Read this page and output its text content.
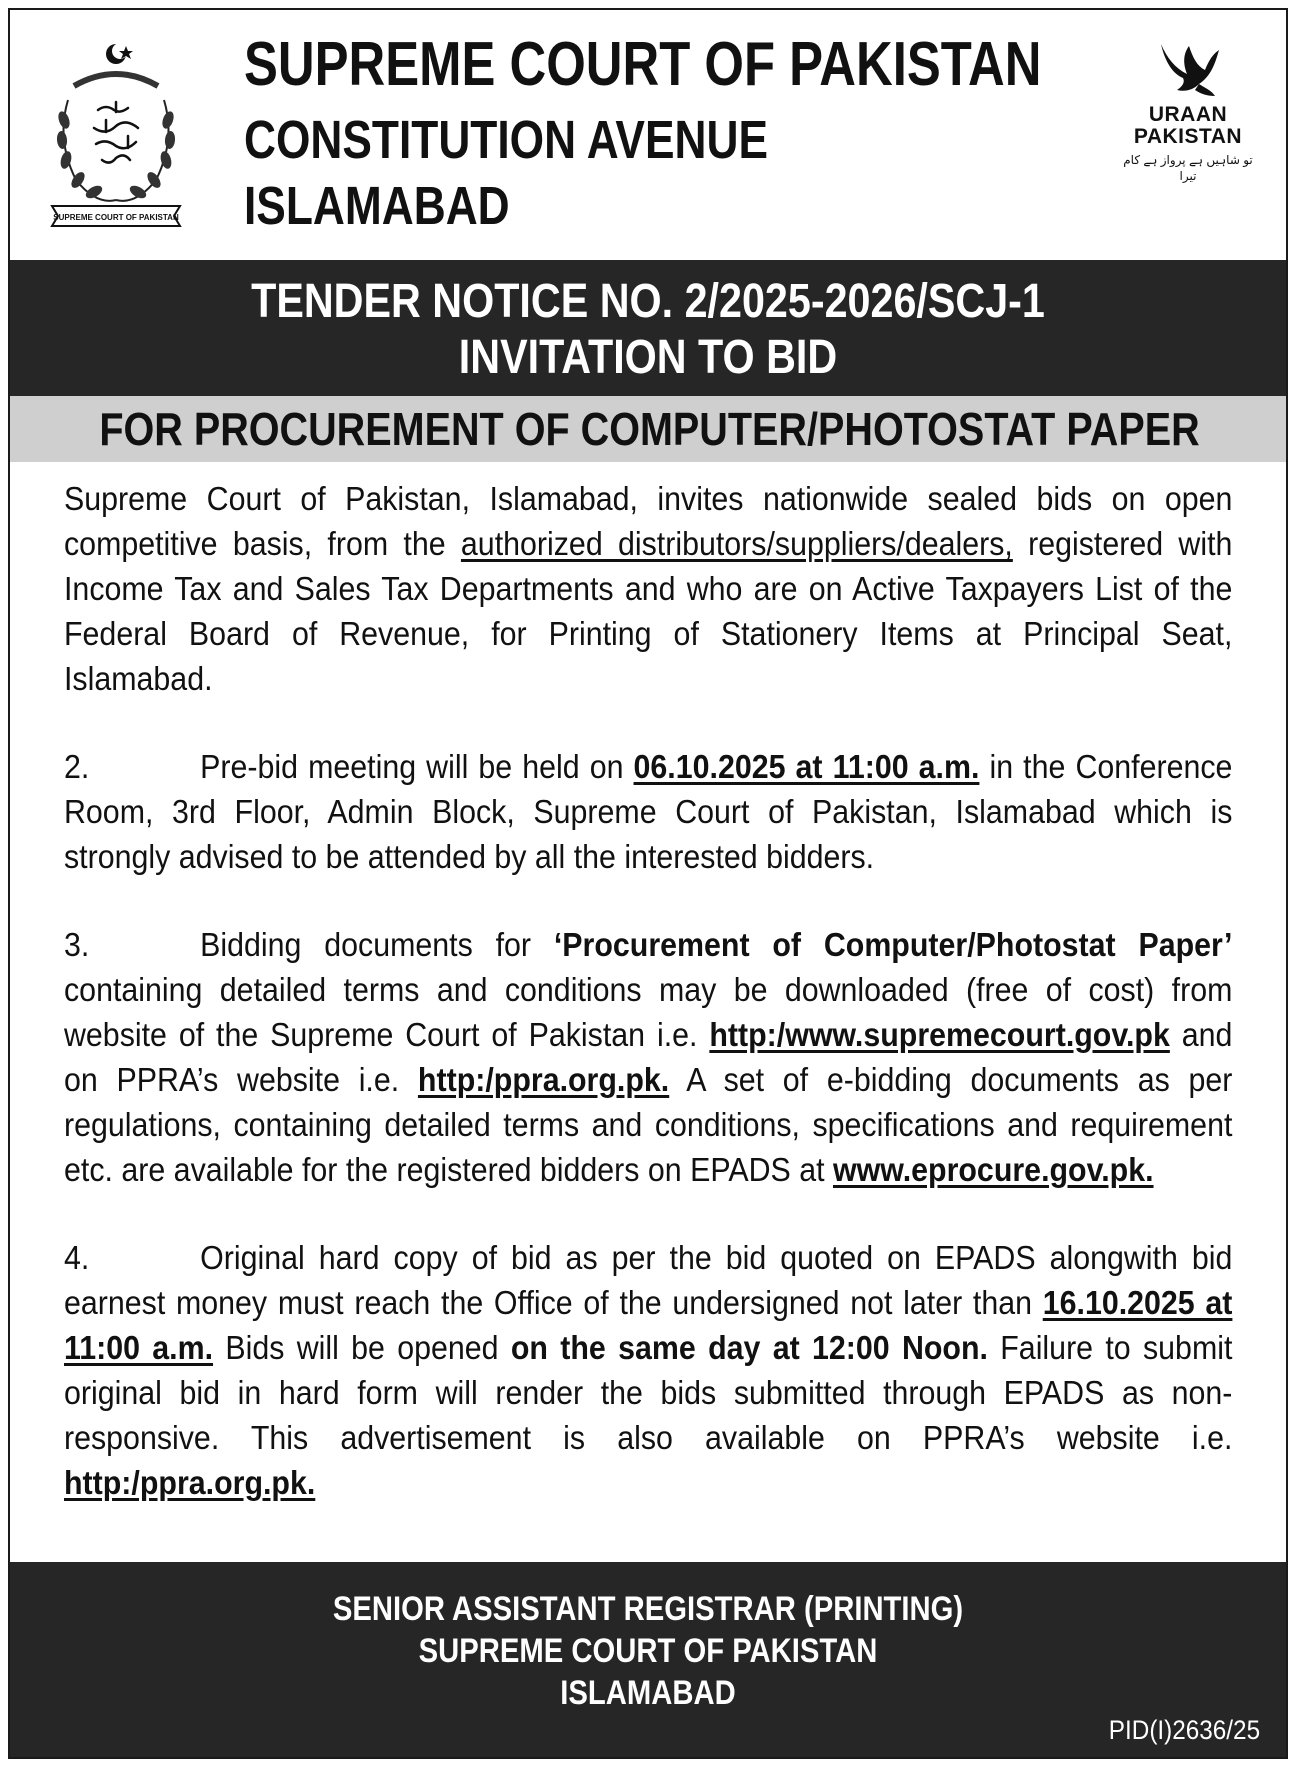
SUPREME COURT OF PAKISTAN
SUPREME COURT OF PAKISTAN
CONSTITUTION AVENUE
ISLAMABAD
URAAN
PAKISTAN
تو شاہیں ہے پرواز ہے کام تیرا
TENDER NOTICE NO. 2/2025-2026/SCJ-1
INVITATION TO BID
FOR PROCUREMENT OF COMPUTER/PHOTOSTAT PAPER

Supreme Court of Pakistan, Islamabad, invites nationwide sealed bids on open competitive basis, from the authorized distributors/suppliers/dealers, registered with Income Tax and Sales Tax Departments and who are on Active Taxpayers List of the Federal Board of Revenue, for Printing of Stationery Items at Principal Seat, Islamabad.

2.	Pre-bid meeting will be held on 06.10.2025 at 11:00 a.m. in the Conference Room, 3rd Floor, Admin Block, Supreme Court of Pakistan, Islamabad which is strongly advised to be attended by all the interested bidders.

3.	Bidding documents for ‘Procurement of Computer/Photostat Paper’ containing detailed terms and conditions may be downloaded (free of cost) from website of the Supreme Court of Pakistan i.e. http:/www.supremecourt.gov.pk and on PPRA’s website i.e. http:/ppra.org.pk. A set of e-bidding documents as per regulations, containing detailed terms and conditions, specifications and requirement etc. are available for the registered bidders on EPADS at www.eprocure.gov.pk.

4.	Original hard copy of bid as per the bid quoted on EPADS alongwith bid earnest money must reach the Office of the undersigned not later than 16.10.2025 at 11:00 a.m. Bids will be opened on the same day at 12:00 Noon. Failure to submit original bid in hard form will render the bids submitted through EPADS as non-responsive. This advertisement is also available on PPRA’s website i.e. http:/ppra.org.pk.

SENIOR ASSISTANT REGISTRAR (PRINTING)
SUPREME COURT OF PAKISTAN
ISLAMABAD
PID(I)2636/25
